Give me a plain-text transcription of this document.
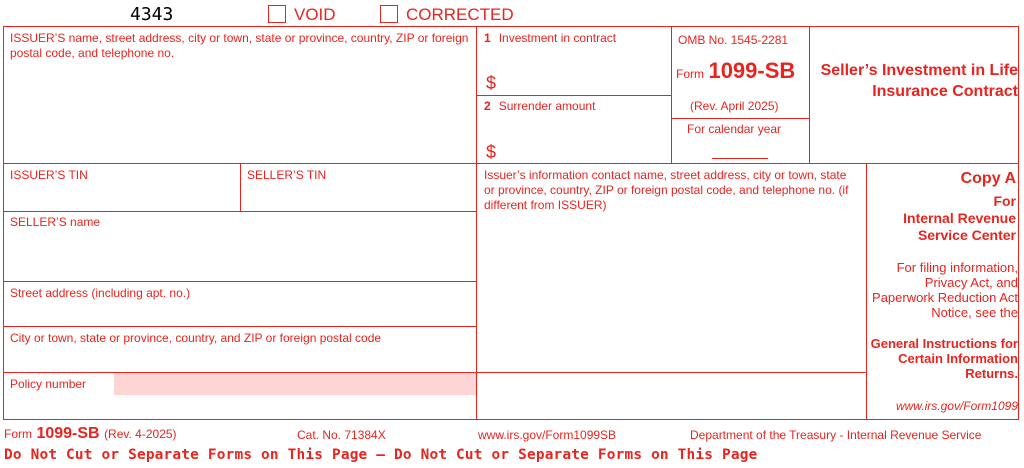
4343	VOID	CORRECTED
ISSUER’S name, street address, city or town, state or province, country, ZIP or foreign postal code, and telephone no.
1 Investment in contract
$
2 Surrender amount
$
OMB No. 1545-2281
Form 1099-SB
(Rev. April 2025)
For calendar year
Seller’s Investment in Life Insurance Contract
ISSUER’S TIN	SELLER’S TIN
SELLER’S name
Street address (including apt. no.)
City or town, state or province, country, and ZIP or foreign postal code
Policy number
Issuer’s information contact name, street address, city or town, state or province, country, ZIP or foreign postal code, and telephone no. (if different from ISSUER)
Copy A
For
Internal Revenue Service Center
For filing information, Privacy Act, and Paperwork Reduction Act Notice, see the
General Instructions for Certain Information Returns.
www.irs.gov/Form1099
Form 1099-SB (Rev. 4-2025)	Cat. No. 71384X	www.irs.gov/Form1099SB	Department of the Treasury - Internal Revenue Service
Do Not Cut or Separate Forms on This Page — Do Not Cut or Separate Forms on This Page
